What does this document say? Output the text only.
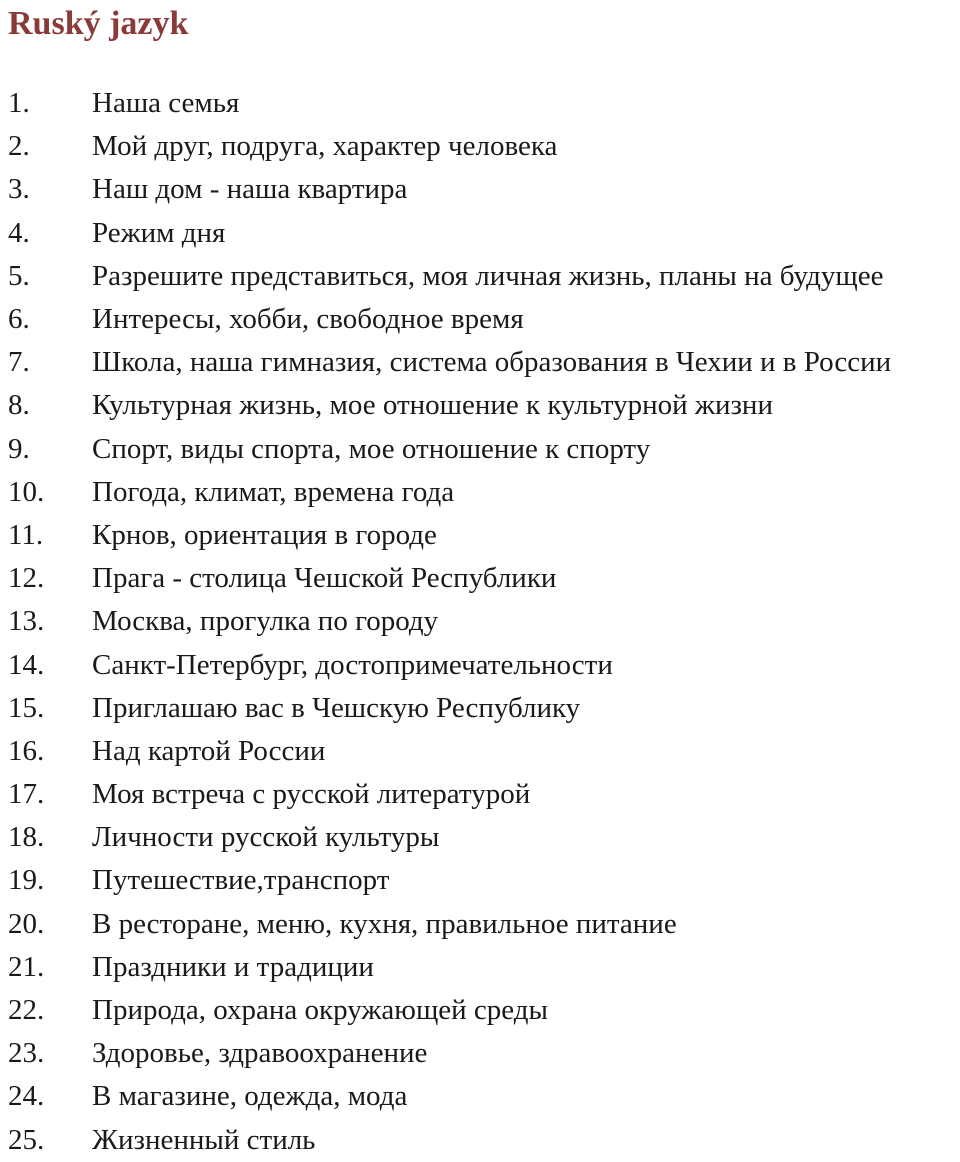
Ruský jazyk
1.	Наша семья
2.	Мой друг, подруга, характер человека
3.	Наш дом - наша квартира
4.	Режим дня
5.	Разрешите представиться, моя личная жизнь, планы на будущее
6.	Интересы, хобби, свободное время
7.	Школа, наша гимназия, система образования в Чехии и в России
8.	Культурная жизнь, мое отношение к культурной жизни
9.	Спорт, виды спорта, мое отношение к спорту
10.	Погода, климат, времена года
11.	Крнов, ориентация в городе
12.	Прага - столица Чешской Республики
13.	Москва, прогулка по городу
14.	Санкт-Петербург, достопримечательности
15.	Приглашаю вас в Чешскую Республику
16.	Над картой России
17.	Моя встреча с русской литературой
18.	Личности русской культуры
19.	Путешествие,транспорт
20.	В ресторане, меню, кухня, правильное питание
21.	Праздники и традиции
22.	Природа, охрана окружающей среды
23.	Здоровье, здравоохранение
24.	В магазине, одежда, мода
25.	Жизненный стиль
